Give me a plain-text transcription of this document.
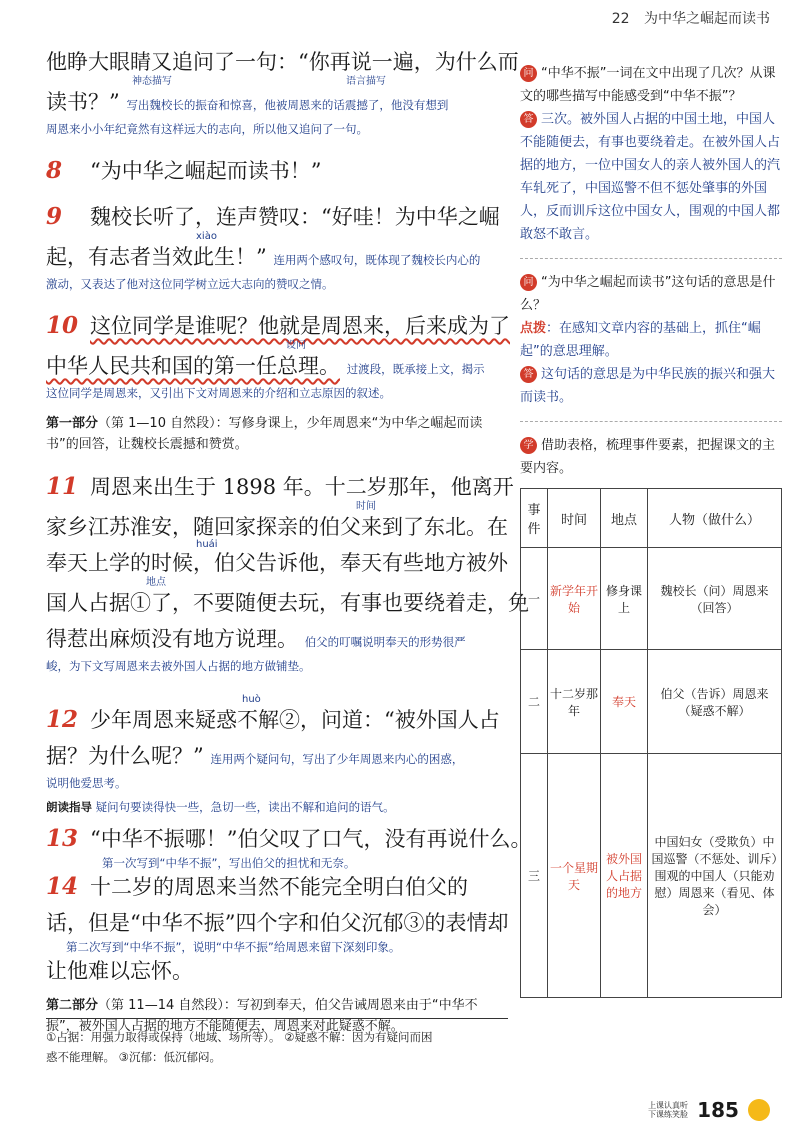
22 为中华之崛起而读书

他睁大眼睛又追问了一句：“你再说一遍，为什么而

神态描写	语言描写

读书？” 写出魏校长的振奋和惊喜，他被周恩来的话震撼了，他没有想到

周恩来小小年纪竟然有这样远大的志向，所以他又追问了一句。

8 “为中华之崛起而读书！”

9 魏校长听了，连声赞叹：“好哇！为中华之崛

xiào

起，有志者当效此生！” 连用两个感叹句，既体现了魏校长内心的

激动，又表达了他对这位同学树立远大志向的赞叹之情。

10 这位同学是谁呢？他就是周恩来，后来成为了

设问

中华人民共和国的第一任总理。 过渡段，既承接上文，揭示

这位同学是周恩来，又引出下文对周恩来的介绍和立志原因的叙述。
第一部分（第 1—10 自然段）：写修身课上，少年周恩来“为中华之崛起而读书”的回答，让魏校长震撼和赞赏。

11 周恩来出生于 1898 年。十二岁那年，他离开

时间
huái

家乡江苏淮安，随回家探亲的伯父来到了东北。在

奉天上学的时候，伯父告诉他，奉天有些地方被外

地点

国人占据①了，不要随便去玩，有事也要绕着走，免

得惹出麻烦没有地方说理。 伯父的叮嘱说明奉天的形势很严

峻，为下文写周恩来去被外国人占据的地方做铺垫。
huò

12 少年周恩来疑惑不解②，问道：“被外国人占

据？为什么呢？” 连用两个疑问句，写出了少年周恩来内心的困惑，

说明他爱思考。
朗读指导 疑问句要读得快一些，急切一些，读出不解和追问的语气。

13 “中华不振哪！”伯父叹了口气，没有再说什么。

第一次写到“中华不振”，写出伯父的担忧和无奈。

14 十二岁的周恩来当然不能完全明白伯父的

话，但是“中华不振”四个字和伯父沉郁③的表情却

第二次写到“中华不振”，说明“中华不振”给周恩来留下深刻印象。

让他难以忘怀。

第二部分（第 11—14 自然段）：写初到奉天，伯父告诫周恩来由于“中华不振”，被外国人占据的地方不能随便去，周恩来对此疑惑不解。
①占据：用强力取得或保持（地域、场所等）。 ②疑惑不解：因为有疑问而困
惑不能理解。 ③沉郁：低沉郁闷。
问 “中华不振”一词在文中出现了几次？从课文的哪些描写中能感受到“中华不振”？
答 三次。被外国人占据的中国土地，中国人不能随便去，有事也要绕着走。在被外国人占据的地方，一位中国女人的亲人被外国人的汽车轧死了，中国巡警不但不惩处肇事的外国人，反而训斥这位中国女人，围观的中国人都敢怒不敢言。
问 “为中华之崛起而读书”这句话的意思是什么？
点拨：在感知文章内容的基础上，抓住“崛起”的意思理解。
答 这句话的意思是为中华民族的振兴和强大而读书。
学 借助表格，梳理事件要素，把握课文的主要内容。
事件	时间	地点	人物（做什么）
一	新学年开始	修身课上	魏校长（问）周恩来（回答）
二	十二岁那年	奉天	伯父（告诉）周恩来（疑惑不解）
三	一个星期天	被外国人占据的地方	中国妇女（受欺负）中国巡警（不惩处、训斥）围观的中国人（只能劝慰）周恩来（看见、体会）
上课认真听
下课练笑脸 185
